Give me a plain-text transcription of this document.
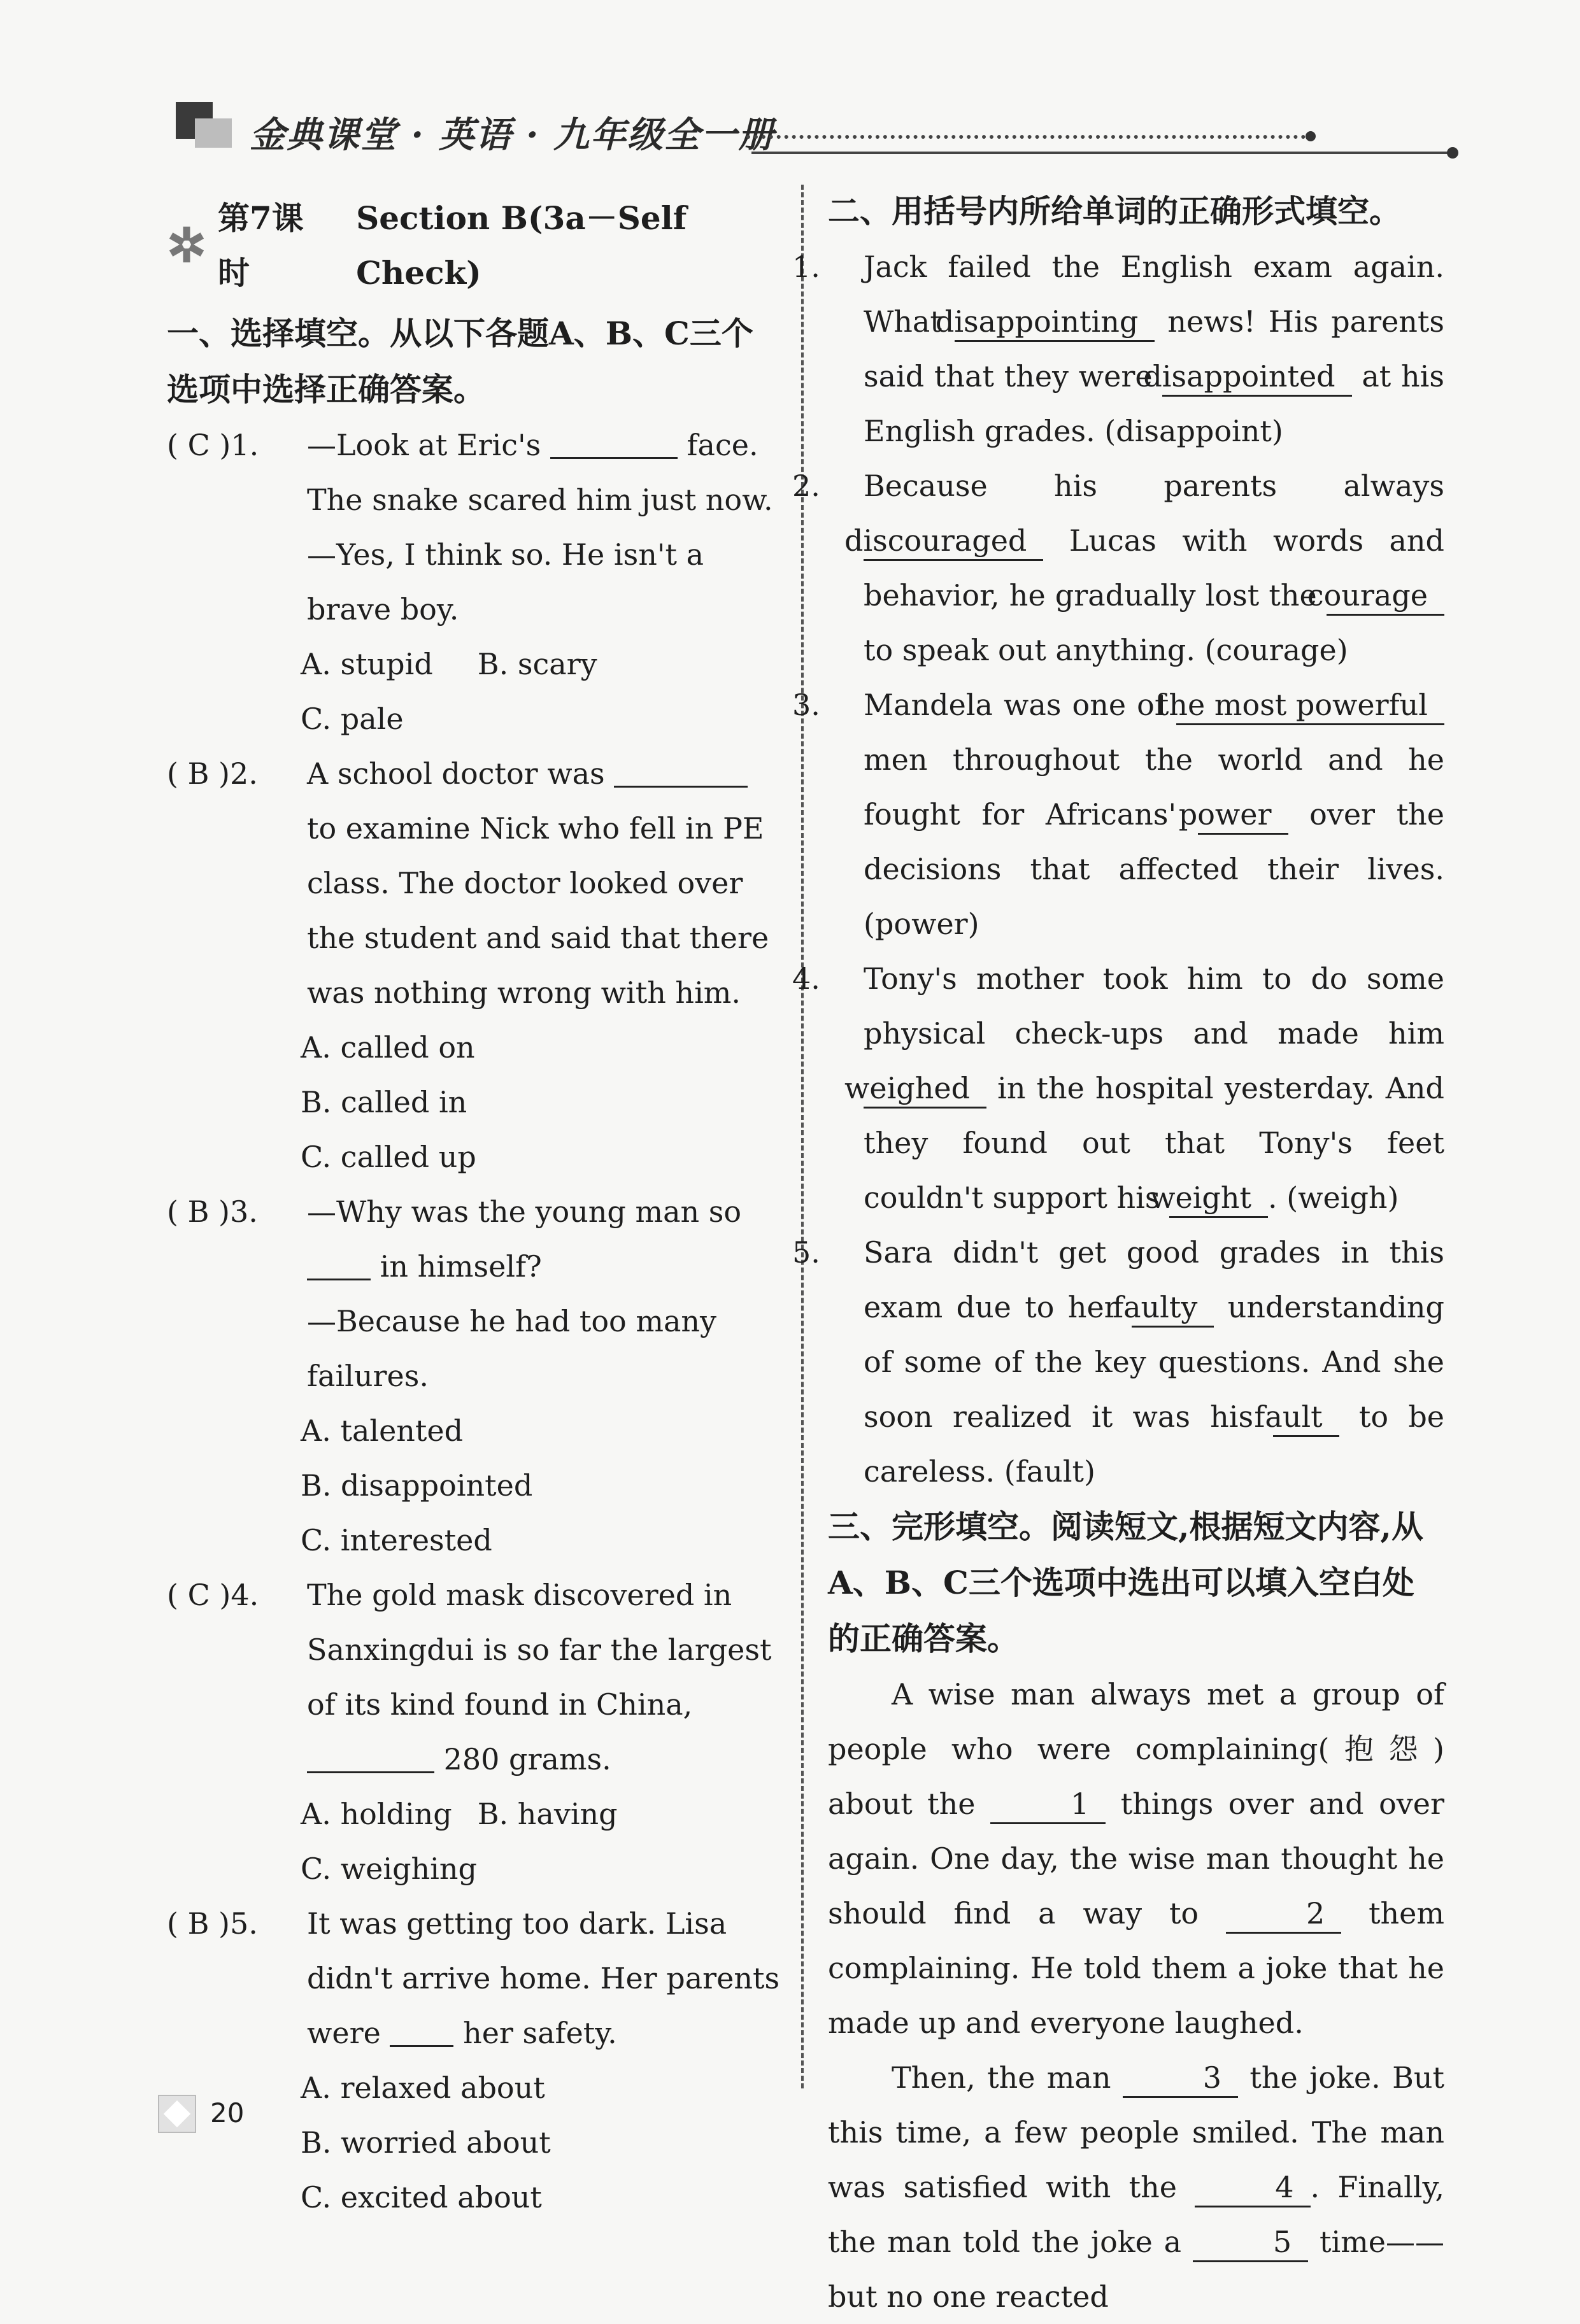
金典课堂 · 英语 · 九年级全一册
✲
第7课时
Section B(3a－Self Check)
一、选择填空。从以下各题A、B、C三个选项中选择正确答案。
( C )1.	—Look at Eric's	face. The snake scared him just now.
—Yes, I think so. He isn't a brave boy.
A. stupid B. scaryC. pale
( B )2.	A school doctor was  to examine Nick who fell in PE class. The doctor looked over the student and said that there was nothing wrong with him.
A. called on
B. called in
C. called up
( B )3.	—Why was the young man so  in himself?
—Because he had too many failures.
A. talented
B. disappointed
C. interested
( C )4.	The gold mask discovered in Sanxingdui is so far the largest of its kind found in China,  280 grams.
A. holding B. havingC. weighing
( B )5.	It was getting too dark. Lisa didn't arrive home. Her parents were	her safety.
A. relaxed about
B. worried about
C. excited about
二、用括号内所给单词的正确形式填空。
1. Jack failed the English exam again. What disappointing news! His parents said that they were disappointed at his English grades. (disappoint)
2. Because his parents always discouraged Lucas with words and behavior, he gradually lost the courage to speak out anything. (courage)
3. Mandela was one of the most powerful men throughout the world and he fought for Africans' power over the decisions that affected their lives. (power)
4. Tony's mother took him to do some physical check-ups and made him weighed in the hospital yesterday. And they found out that Tony's feet couldn't support his weight . (weigh)
5. Sara didn't get good grades in this exam due to her faulty understanding of some of the key questions. And she soon realized it was his fault to be careless. (fault)
三、完形填空。阅读短文,根据短文内容,从A、B、C三个选项中选出可以填入空白处的正确答案。
A wise man always met a group of people who were complaining(抱怨) about the	1 things over and over again. One day, the wise man thought he should find a way to	2 them complaining. He told them a joke that he made up and everyone laughed.
Then, the man	3 the joke. But this time, a few people smiled. The man was satisfied with the	4 . Finally, the man told the joke a	5 time——but no one reacted
20
